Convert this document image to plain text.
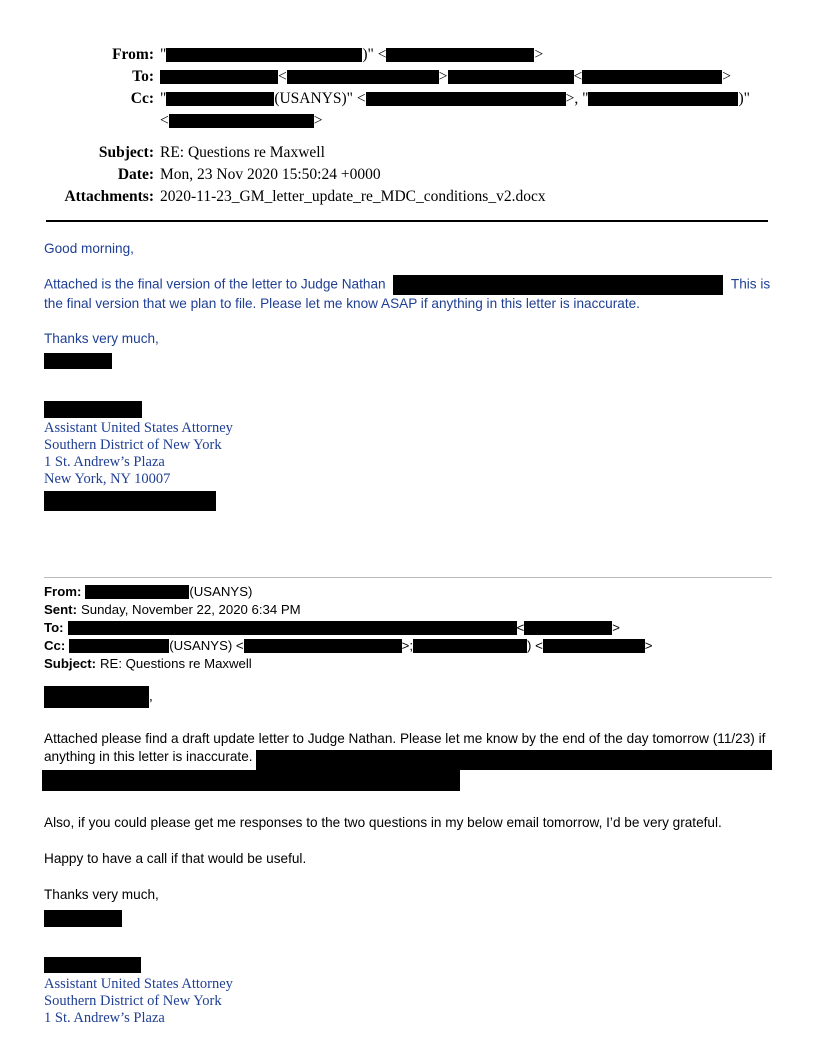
From: "	)" <	>
To:	<	>	<	>
Cc: "	(USANYS)" <	>, "	)"
<	>
Subject: RE: Questions re Maxwell
Date: Mon, 23 Nov 2020 15:50:24 +0000
Attachments: 2020-11-23_GM_letter_update_re_MDC_conditions_v2.docx

Good morning,

Attached is the final version of the letter to Judge Nathan	This is the final version that we plan to file. Please let me know ASAP if anything in this letter is inaccurate.

Thanks very much,

Assistant United States Attorney

Southern District of New York

1 St. Andrew’s Plaza

New York, NY 10007

From:	(USANYS)
Sent: Sunday, November 22, 2020 6:34 PM
To:	<	>
Cc:	(USANYS) <	>;	) <	>
Subject: RE: Questions re Maxwell

,

Attached please find a draft update letter to Judge Nathan. Please let me know by the end of the day tomorrow (11/23) if anything in this letter is inaccurate.

Also, if you could please get me responses to the two questions in my below email tomorrow, I’d be very grateful.

Happy to have a call if that would be useful.

Thanks very much,

Assistant United States Attorney

Southern District of New York

1 St. Andrew’s Plaza
